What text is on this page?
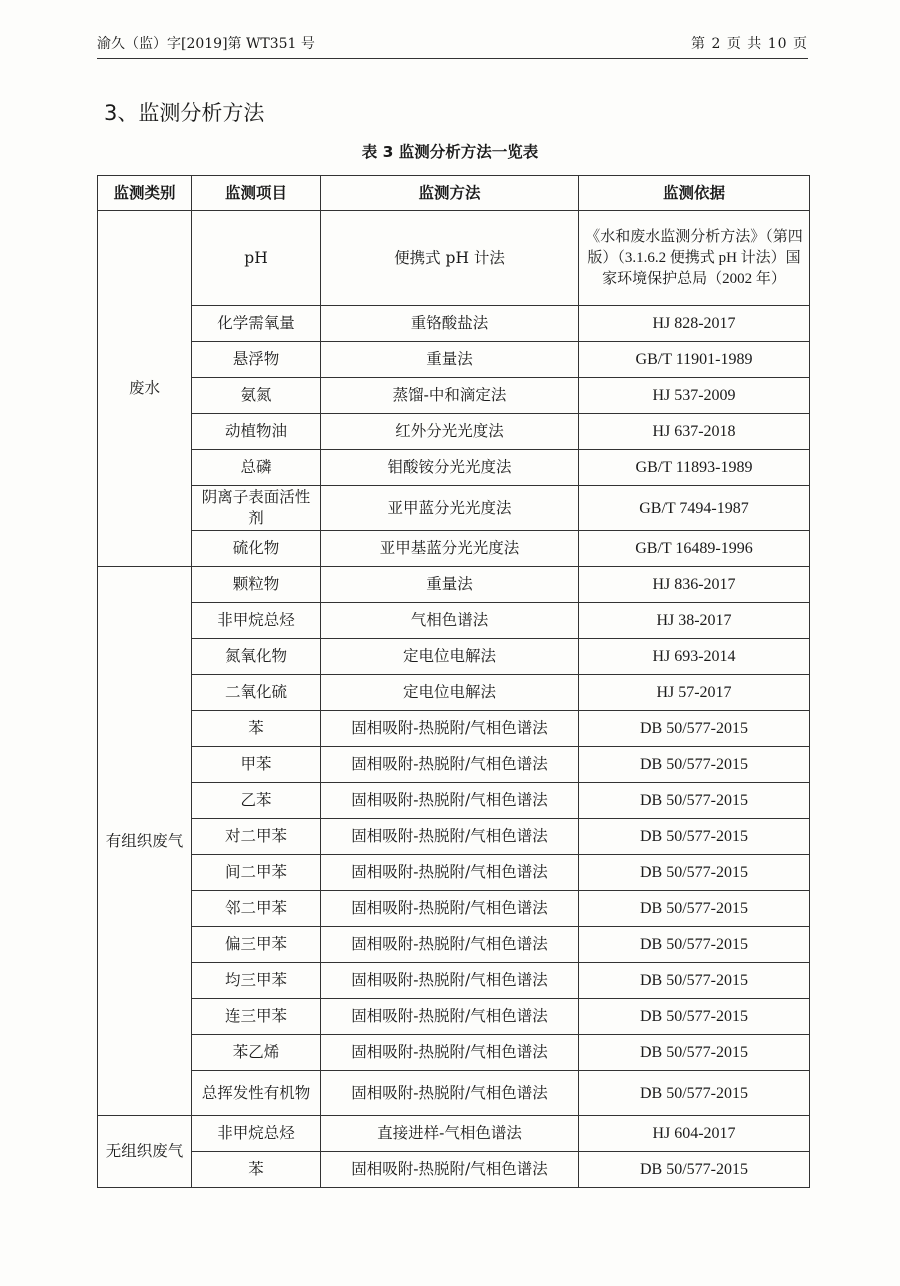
渝久（监）字[2019]第 WT351 号	第 2 页 共 10 页
3、监测分析方法
表 3 监测分析方法一览表
监测类别	监测项目	监测方法	监测依据
废水	pH	便携式 pH 计法	《水和废水监测分析方法》（第四版）（3.1.6.2 便携式 pH 计法）国家环境保护总局（2002 年）
	化学需氧量	重铬酸盐法	HJ 828-2017
	悬浮物	重量法	GB/T 11901-1989
	氨氮	蒸馏-中和滴定法	HJ 537-2009
	动植物油	红外分光光度法	HJ 637-2018
	总磷	钼酸铵分光光度法	GB/T 11893-1989
	阴离子表面活性剂	亚甲蓝分光光度法	GB/T 7494-1987
	硫化物	亚甲基蓝分光光度法	GB/T 16489-1996
有组织废气	颗粒物	重量法	HJ 836-2017
	非甲烷总烃	气相色谱法	HJ 38-2017
	氮氧化物	定电位电解法	HJ 693-2014
	二氧化硫	定电位电解法	HJ 57-2017
	苯	固相吸附-热脱附/气相色谱法	DB 50/577-2015
	甲苯	固相吸附-热脱附/气相色谱法	DB 50/577-2015
	乙苯	固相吸附-热脱附/气相色谱法	DB 50/577-2015
	对二甲苯	固相吸附-热脱附/气相色谱法	DB 50/577-2015
	间二甲苯	固相吸附-热脱附/气相色谱法	DB 50/577-2015
	邻二甲苯	固相吸附-热脱附/气相色谱法	DB 50/577-2015
	偏三甲苯	固相吸附-热脱附/气相色谱法	DB 50/577-2015
	均三甲苯	固相吸附-热脱附/气相色谱法	DB 50/577-2015
	连三甲苯	固相吸附-热脱附/气相色谱法	DB 50/577-2015
	苯乙烯	固相吸附-热脱附/气相色谱法	DB 50/577-2015
	总挥发性有机物	固相吸附-热脱附/气相色谱法	DB 50/577-2015
无组织废气	非甲烷总烃	直接进样-气相色谱法	HJ 604-2017
	苯	固相吸附-热脱附/气相色谱法	DB 50/577-2015
